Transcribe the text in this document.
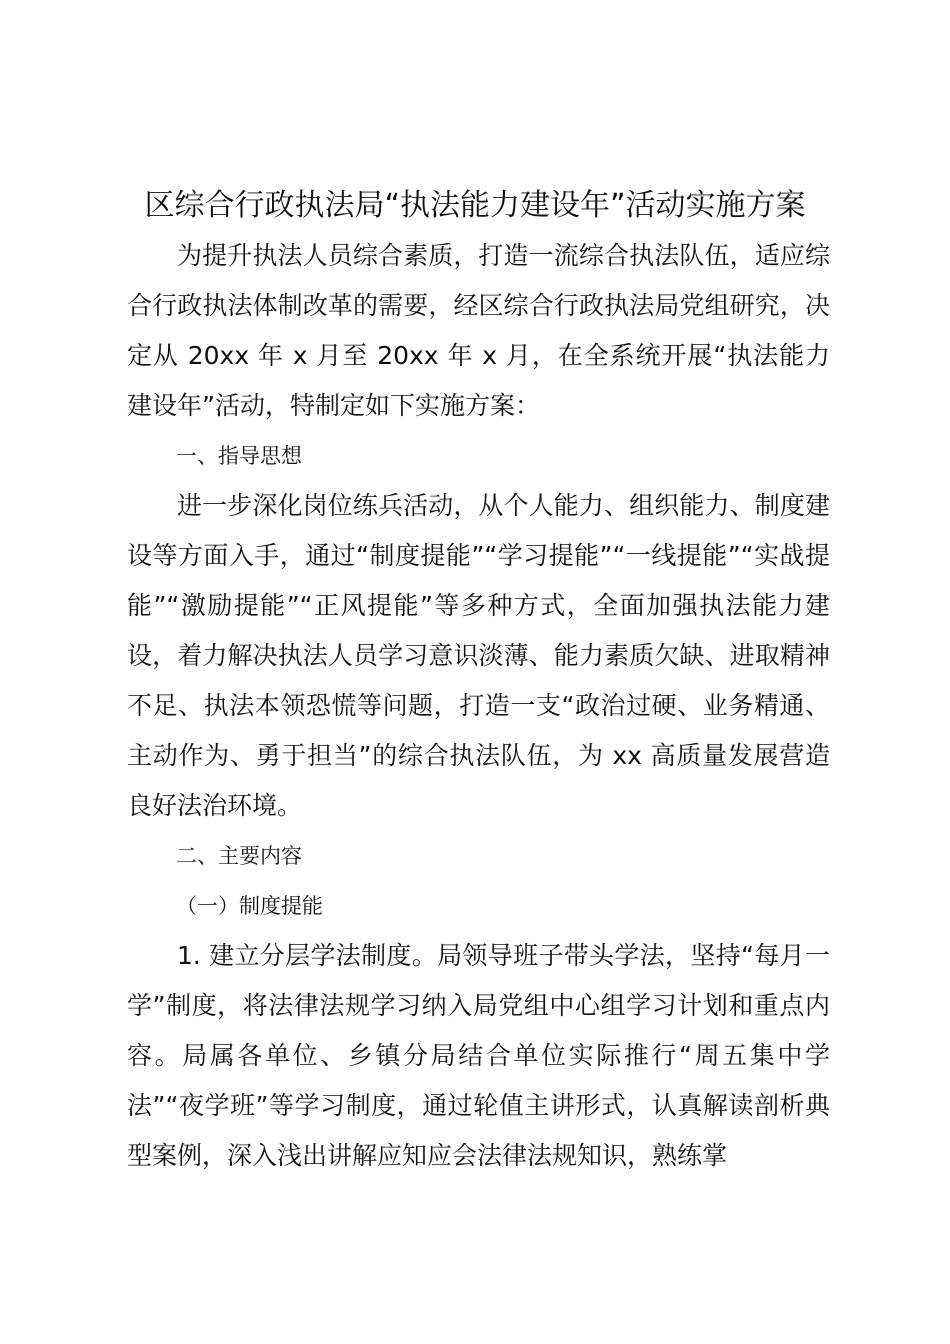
区综合行政执法局“执法能力建设年”活动实施方案

为提升执法人员综合素质，打造一流综合执法队伍，适应综合行政执法体制改革的需要，经区综合行政执法局党组研究，决定从 20xx 年 x 月至 20xx 年 x 月，在全系统开展“执法能力建设年”活动，特制定如下实施方案：

一、指导思想

进一步深化岗位练兵活动，从个人能力、组织能力、制度建设等方面入手，通过“制度提能”“学习提能”“一线提能”“实战提能”“激励提能”“正风提能”等多种方式，全面加强执法能力建设，着力解决执法人员学习意识淡薄、能力素质欠缺、进取精神不足、执法本领恐慌等问题，打造一支“政治过硬、业务精通、主动作为、勇于担当”的综合执法队伍，为 xx 高质量发展营造良好法治环境。

二、主要内容

（一）制度提能

1. 建立分层学法制度。局领导班子带头学法，坚持“每月一学”制度，将法律法规学习纳入局党组中心组学习计划和重点内容。局属各单位、乡镇分局结合单位实际推行“周五集中学法”“夜学班”等学习制度，通过轮值主讲形式，认真解读剖析典型案例，深入浅出讲解应知应会法律法规知识，熟练掌
